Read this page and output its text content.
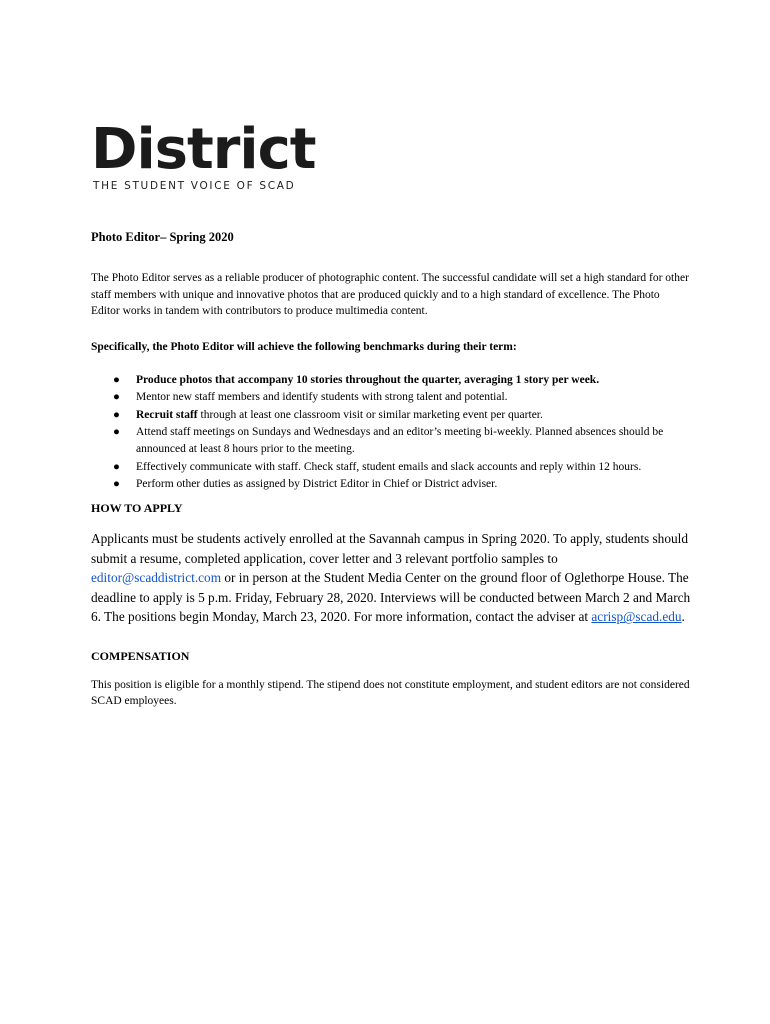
District
THE STUDENT VOICE OF SCAD

Photo Editor– Spring 2020

The Photo Editor serves as a reliable producer of photographic content. The successful candidate will set a high standard for other staff members with unique and innovative photos that are produced quickly and to a high standard of excellence. The Photo Editor works in tandem with contributors to produce multimedia content.

Specifically, the Photo Editor will achieve the following benchmarks during their term:

● Produce photos that accompany 10 stories throughout the quarter, averaging 1 story per week.
● Mentor new staff members and identify students with strong talent and potential.
● Recruit staff through at least one classroom visit or similar marketing event per quarter.
● Attend staff meetings on Sundays and Wednesdays and an editor’s meeting bi-weekly. Planned absences should be announced at least 8 hours prior to the meeting.
● Effectively communicate with staff. Check staff, student emails and slack accounts and reply within 12 hours.
● Perform other duties as assigned by District Editor in Chief or District adviser.

HOW TO APPLY

Applicants must be students actively enrolled at the Savannah campus in Spring 2020. To apply, students should submit a resume, completed application, cover letter and 3 relevant portfolio samples to editor@scaddistrict.com or in person at the Student Media Center on the ground floor of Oglethorpe House. The deadline to apply is 5 p.m. Friday, February 28, 2020. Interviews will be conducted between March 2 and March 6. The positions begin Monday, March 23, 2020. For more information, contact the adviser at acrisp@scad.edu.

COMPENSATION

This position is eligible for a monthly stipend. The stipend does not constitute employment, and student editors are not considered SCAD employees.
